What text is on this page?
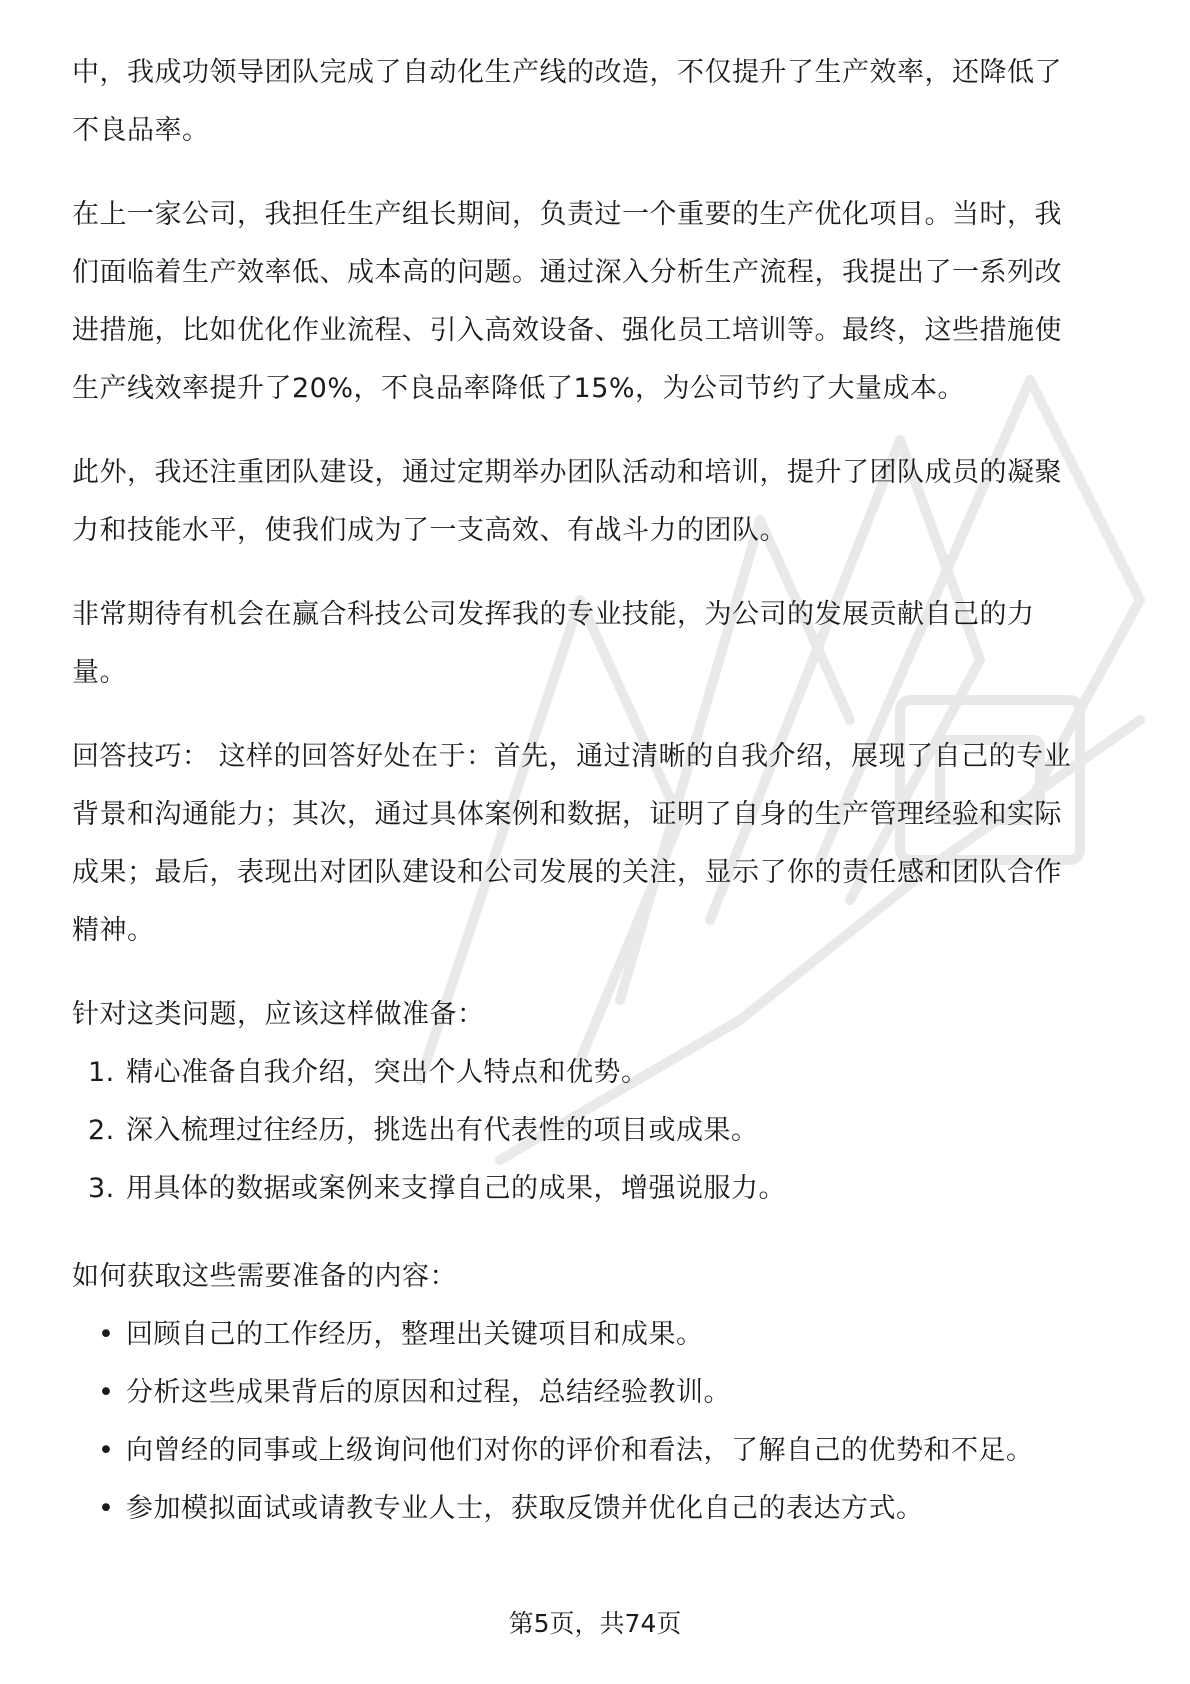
中，我成功领导团队完成了自动化生产线的改造，不仅提升了生产效率，还降低了
不良品率。

在上一家公司，我担任生产组长期间，负责过一个重要的生产优化项目。当时，我
们面临着生产效率低、成本高的问题。通过深入分析生产流程，我提出了一系列改
进措施，比如优化作业流程、引入高效设备、强化员工培训等。最终，这些措施使
生产线效率提升了20%，不良品率降低了15%，为公司节约了大量成本。

此外，我还注重团队建设，通过定期举办团队活动和培训，提升了团队成员的凝聚
力和技能水平，使我们成为了一支高效、有战斗力的团队。

非常期待有机会在赢合科技公司发挥我的专业技能，为公司的发展贡献自己的力
量。

回答技巧： 这样的回答好处在于：首先，通过清晰的自我介绍，展现了自己的专业
背景和沟通能力；其次，通过具体案例和数据，证明了自身的生产管理经验和实际
成果；最后，表现出对团队建设和公司发展的关注，显示了你的责任感和团队合作
精神。

针对这类问题，应该这样做准备：

1. 精心准备自我介绍，突出个人特点和优势。
2. 深入梳理过往经历，挑选出有代表性的项目或成果。
3. 用具体的数据或案例来支撑自己的成果，增强说服力。

如何获取这些需要准备的内容：

• 回顾自己的工作经历，整理出关键项目和成果。
• 分析这些成果背后的原因和过程，总结经验教训。
• 向曾经的同事或上级询问他们对你的评价和看法，了解自己的优势和不足。
• 参加模拟面试或请教专业人士，获取反馈并优化自己的表达方式。
第5页，共74页
